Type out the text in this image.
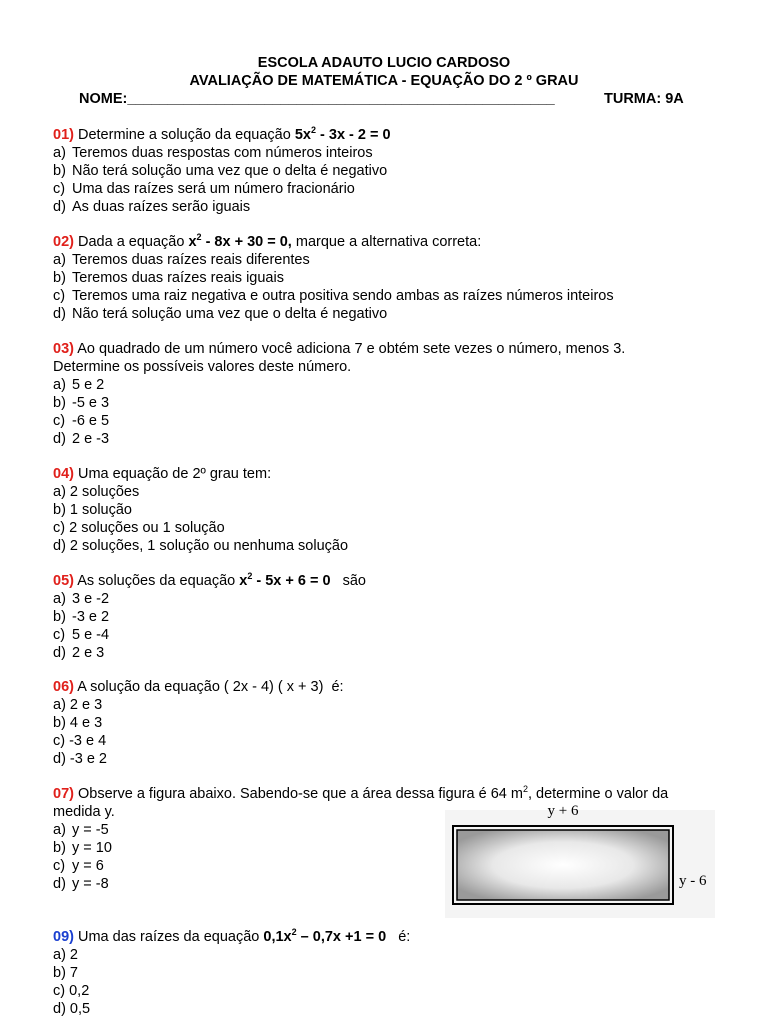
ESCOLA ADAUTO LUCIO CARDOSO
AVALIAÇÃO DE MATEMÁTICA - EQUAÇÃO DO 2 º GRAU
NOME:_____________________________________________________	TURMA: 9A
01) Determine a solução da equação $5x^2 - 3x - 2 = 0$
a) Teremos duas respostas com números inteiros
b) Não terá solução uma vez que o delta é negativo
c) Uma das raízes será um número fracionário
d) As duas raízes serão iguais
02) Dada a equação $x^2 - 8x + 30 = 0$, marque a alternativa correta:
a) Teremos duas raízes reais diferentes
b) Teremos duas raízes reais iguais
c) Teremos uma raiz negativa e outra positiva sendo ambas as raízes números inteiros
d) Não terá solução uma vez que o delta é negativo
03) Ao quadrado de um número você adiciona 7 e obtém sete vezes o número, menos 3.
Determine os possíveis valores deste número.
a) 5 e 2
b) -5 e 3
c) -6 e 5
d) 2 e -3
04) Uma equação de 2º grau tem:
a) 2 soluções
b) 1 solução
c) 2 soluções ou 1 solução
d) 2 soluções, 1 solução ou nenhuma solução
05) As soluções da equação $x^2 - 5x + 6 = 0$   são
a) 3 e -2
b) -3 e 2
c) 5 e -4
d) 2 e 3
06) A solução da equação ( 2x - 4) ( x + 3)  é:
a) 2 e 3
b) 4 e 3
c) -3 e 4
d) -3 e 2
07) Observe a figura abaixo. Sabendo-se que a área dessa figura é 64 $m^2$, determine o valor da
medida y.
a) y = -5
b) y = 10
c) y = 6
d) y = -8
y + 6
y - 6
09) Uma das raízes da equação $0,1x^2 - 0,7x +1 = 0$   é:
a) 2
b) 7
c) 0,2
d) 0,5
